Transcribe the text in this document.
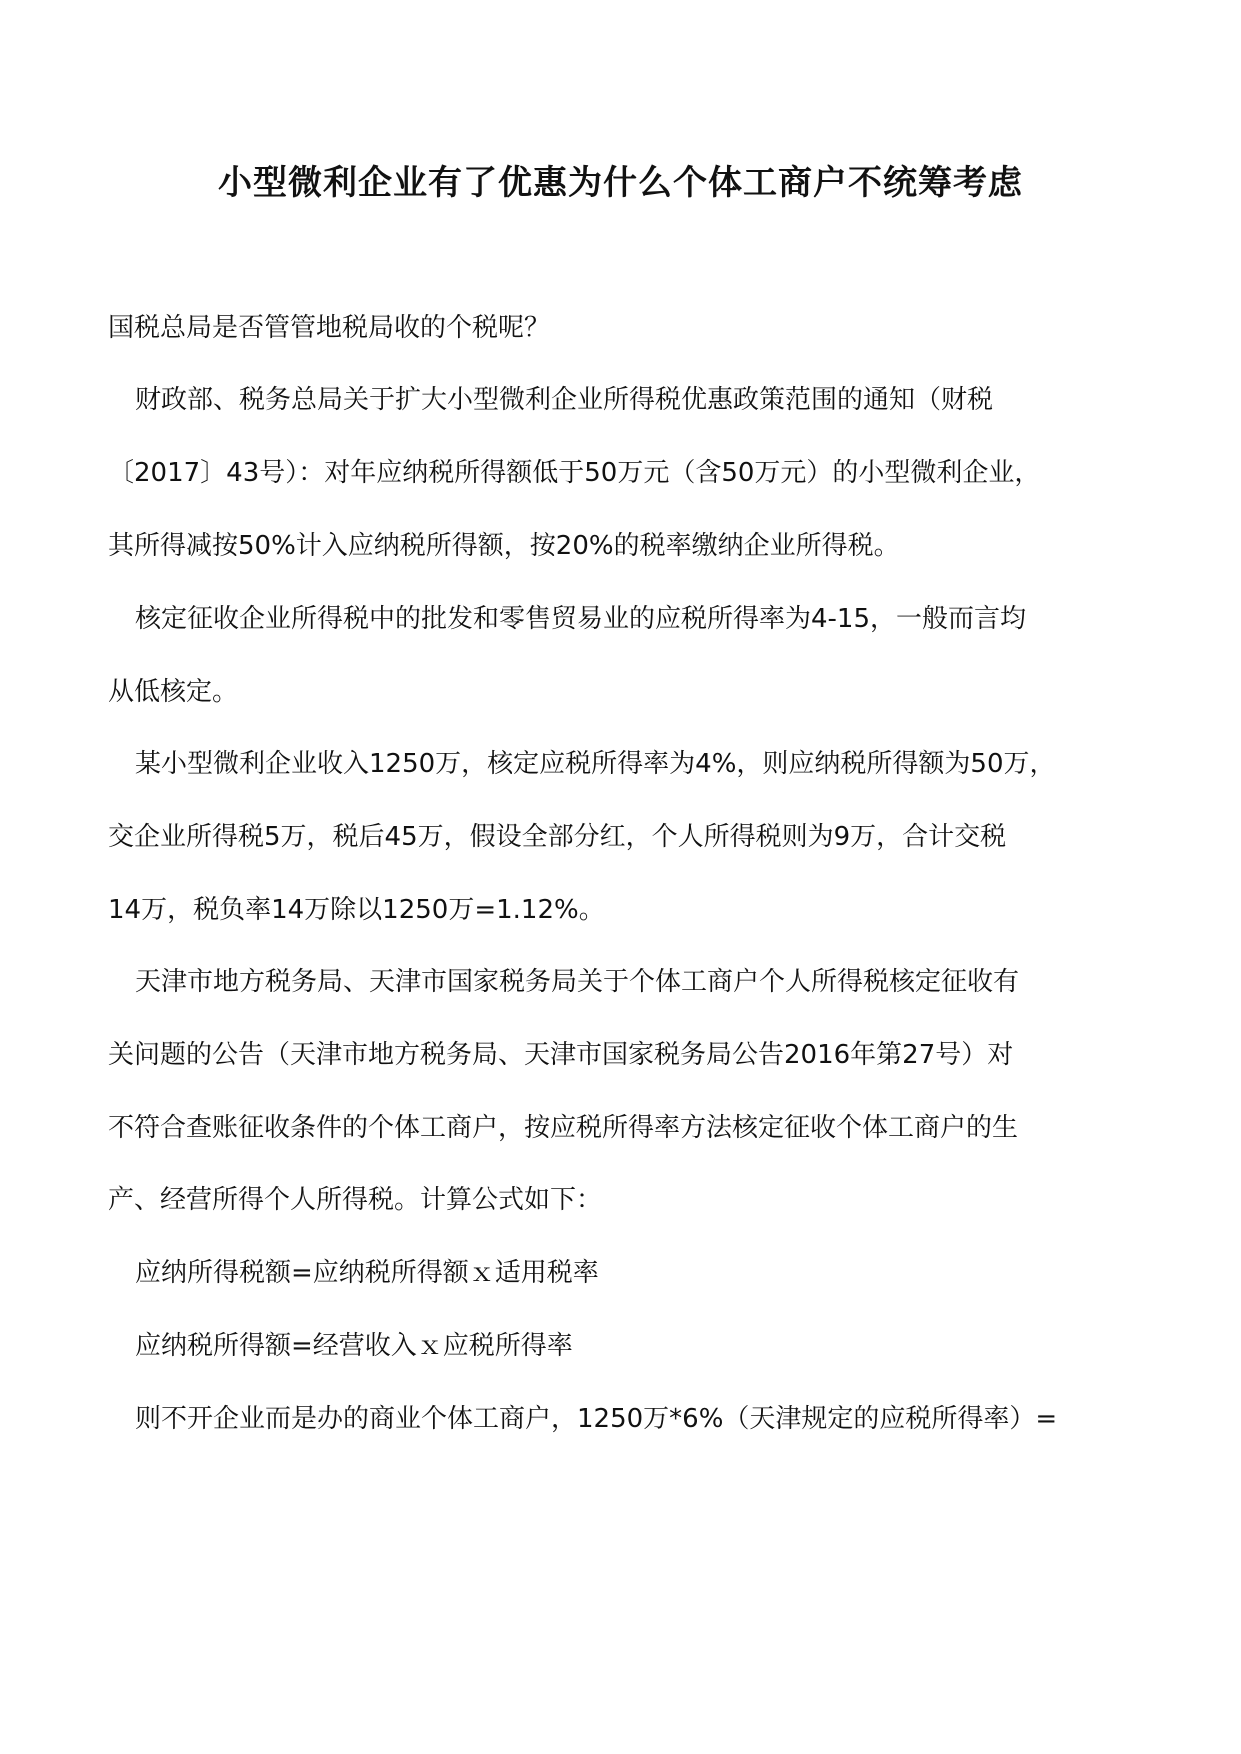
小型微利企业有了优惠为什么个体工商户不统筹考虑
国税总局是否管管地税局收的个税呢？
财政部、税务总局关于扩大小型微利企业所得税优惠政策范围的通知（财税
〔2017〕43号）：对年应纳税所得额低于50万元（含50万元）的小型微利企业，
其所得减按50%计入应纳税所得额，按20%的税率缴纳企业所得税。
核定征收企业所得税中的批发和零售贸易业的应税所得率为4-15，一般而言均
从低核定。
某小型微利企业收入1250万，核定应税所得率为4%，则应纳税所得额为50万，
交企业所得税5万，税后45万，假设全部分红，个人所得税则为9万，合计交税
14万，税负率14万除以1250万=1.12%。
天津市地方税务局、天津市国家税务局关于个体工商户个人所得税核定征收有
关问题的公告（天津市地方税务局、天津市国家税务局公告2016年第27号）对
不符合查账征收条件的个体工商户，按应税所得率方法核定征收个体工商户的生
产、经营所得个人所得税。计算公式如下：
应纳所得税额=应纳税所得额ｘ适用税率
应纳税所得额=经营收入ｘ应税所得率
则不开企业而是办的商业个体工商户，1250万*6%（天津规定的应税所得率）=
